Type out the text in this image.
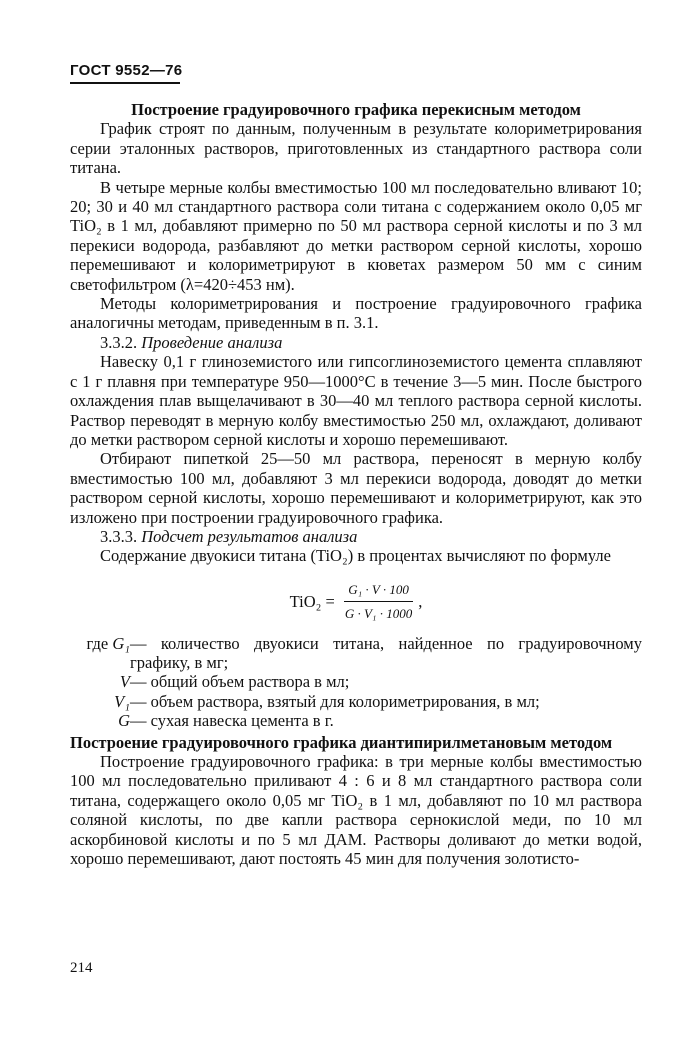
ГОСТ 9552—76
Построение градуировочного графика перекисным методом

График строят по данным, полученным в результате колориметрирования серии эталонных растворов, приготовленных из стандартного раствора соли титана.

В четыре мерные колбы вместимостью 100 мл последовательно вливают 10; 20; 30 и 40 мл стандартного раствора соли титана с содержанием около 0,05 мг TiO₂ в 1 мл, добавляют примерно по 50 мл раствора серной кислоты и по 3 мл перекиси водорода, разбавляют до метки раствором серной кислоты, хорошо перемешивают и колориметрируют в кюветах размером 50 мм с синим светофильтром (λ=420÷453 нм).

Методы колориметрирования и построение градуировочного графика аналогичны методам, приведенным в п. 3.1.

3.3.2. Проведение анализа

Навеску 0,1 г глиноземистого или гипсоглиноземистого цемента сплавляют с 1 г плавня при температуре 950—1000°С в течение 3—5 мин. После быстрого охлаждения плав выщелачивают в 30—40 мл теплого раствора серной кислоты. Раствор переводят в мерную колбу вместимостью 250 мл, охлаждают, доливают до метки раствором серной кислоты и хорошо перемешивают.

Отбирают пипеткой 25—50 мл раствора, переносят в мерную колбу вместимостью 100 мл, добавляют 3 мл перекиси водорода, доводят до метки раствором серной кислоты, хорошо перемешивают и колориметрируют, как это изложено при построении градуировочного графика.

3.3.3. Подсчет результатов анализа

Содержание двуокиси титана (TiO₂) в процентах вычисляют по формуле

$TiO_2 = \frac{\text{G₁ · V · 100}}{\text{G · V₁ · 1000}}$ ,
где G₁ — количество двуокиси титана, найденное по градуировочному графику, в мг;
V — общий объем раствора в мл;
V₁ — объем раствора, взятый для колориметрирования, в мл;
G — сухая навеска цемента в г.
Построение градуировочного графика диантипирилметановым методом

Построение градуировочного графика: в три мерные колбы вместимостью 100 мл последовательно приливают 4 : 6 и 8 мл стандартного раствора соли титана, содержащего около 0,05 мг TiO₂ в 1 мл, добавляют по 10 мл раствора соляной кислоты, по две капли раствора сернокислой меди, по 10 мл аскорбиновой кислоты и по 5 мл ДАМ. Растворы доливают до метки водой, хорошо перемешивают, дают постоять 45 мин для получения золотисто-

214
